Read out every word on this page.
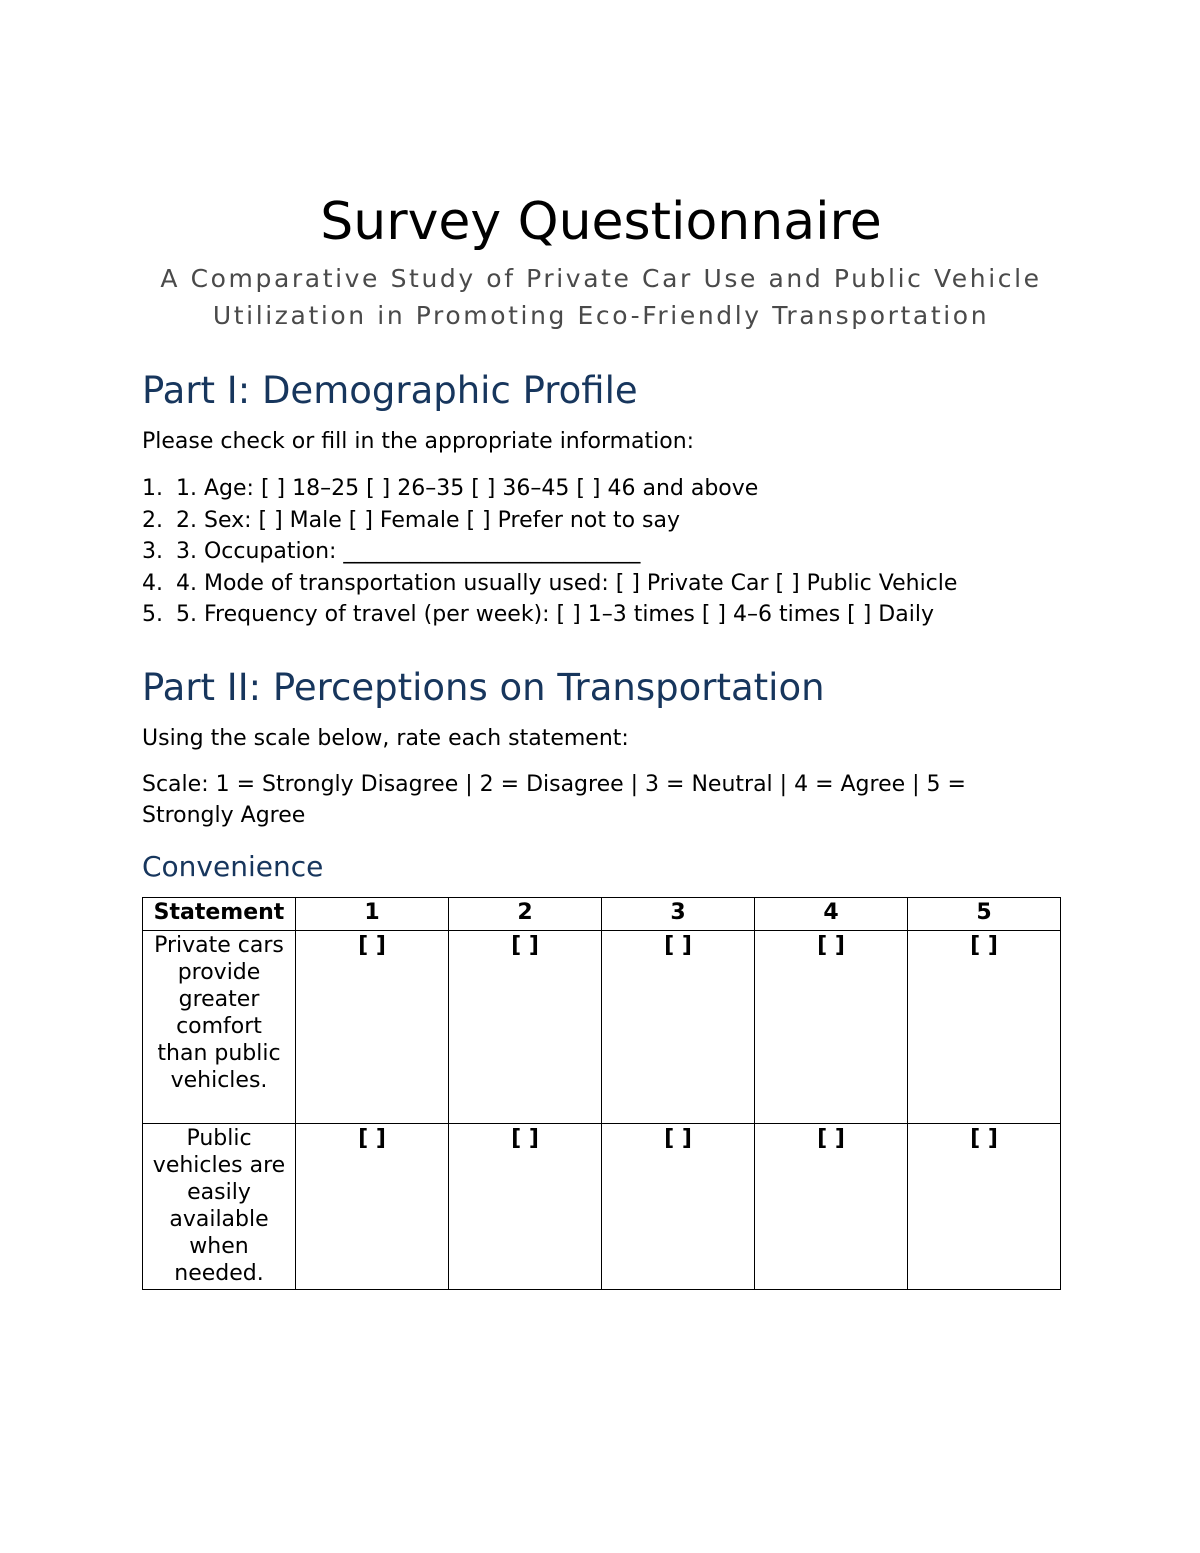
Survey Questionnaire
A Comparative Study of Private Car Use and Public Vehicle
Utilization in Promoting Eco-Friendly Transportation
Part I: Demographic Profile

Please check or fill in the appropriate information:

1. 1. Age: [ ] 18–25 [ ] 26–35 [ ] 36–45 [ ] 46 and above
2. 2. Sex: [ ] Male [ ] Female [ ] Prefer not to say
3. 3. Occupation: ___________________________
4. 4. Mode of transportation usually used: [ ] Private Car [ ] Public Vehicle
5. 5. Frequency of travel (per week): [ ] 1–3 times [ ] 4–6 times [ ] Daily
Part II: Perceptions on Transportation

Using the scale below, rate each statement:

Scale: 1 = Strongly Disagree | 2 = Disagree | 3 = Neutral | 4 = Agree | 5 = Strongly Agree

Convenience
Statement	1	2	3	4	5
Private cars provide greater comfort than public vehicles.	[ ]	[ ]	[ ]	[ ]	[ ]
Public vehicles are easily available when needed.	[ ]	[ ]	[ ]	[ ]	[ ]
